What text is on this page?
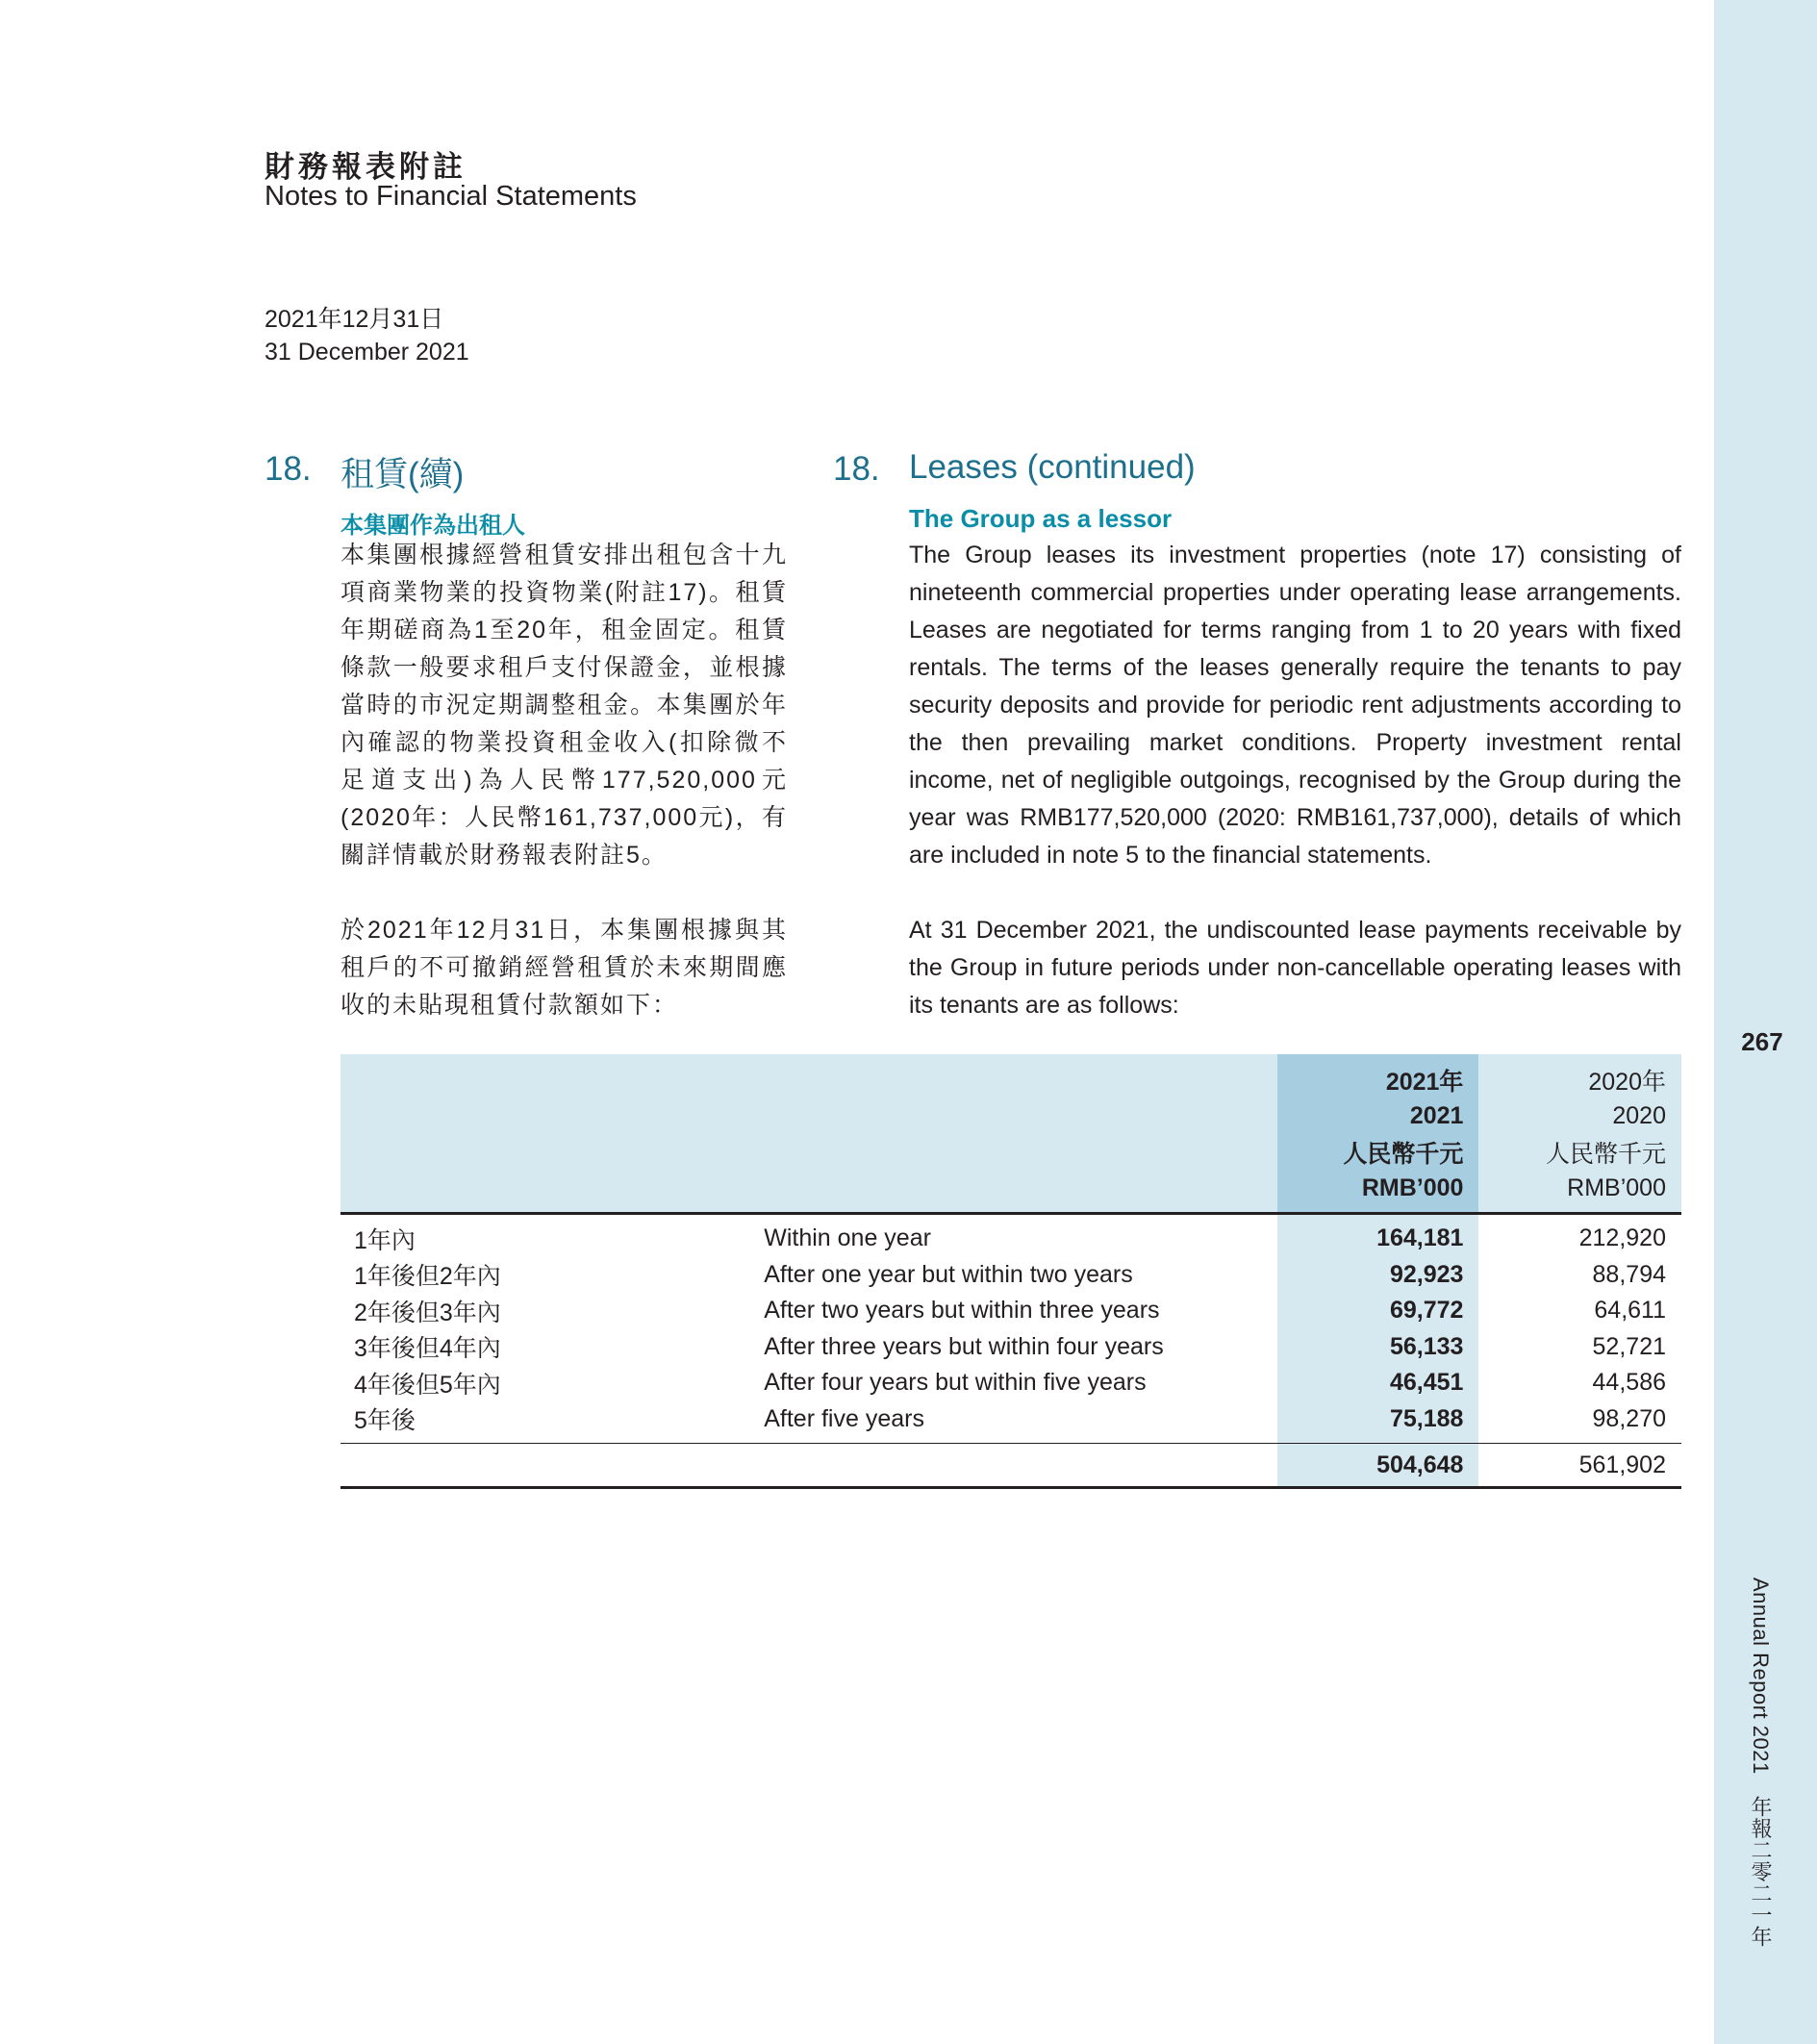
267
Annual Report 2021　年報二零二一年
財務報表附註
Notes to Financial Statements
2021年12月31日
31 December 2021
18. 租賃(續)	18. Leases (continued)
本集團作為出租人	The Group as a lessor
本集團根據經營租賃安排出租包含十九項商業物業的投資物業(附註17)。租賃年期磋商為1至20年，租金固定。租賃條款一般要求租戶支付保證金，並根據當時的市況定期調整租金。本集團於年內確認的物業投資租金收入(扣除微不足道支出)為人民幣177,520,000元(2020年：人民幣161,737,000元)，有關詳情載於財務報表附註5。
The Group leases its investment properties (note 17) consisting of nineteenth commercial properties under operating lease arrangements. Leases are negotiated for terms ranging from 1 to 20 years with fixed rentals. The terms of the leases generally require the tenants to pay security deposits and provide for periodic rent adjustments according to the then prevailing market conditions. Property investment rental income, net of negligible outgoings, recognised by the Group during the year was RMB177,520,000 (2020: RMB161,737,000), details of which are included in note 5 to the financial statements.
於2021年12月31日，本集團根據與其租戶的不可撤銷經營租賃於未來期間應收的未貼現租賃付款額如下：
At 31 December 2021, the undiscounted lease payments receivable by the Group in future periods under non-cancellable operating leases with its tenants are as follows:
		2021年	2020年
		2021	2020
		人民幣千元	人民幣千元
		RMB’000	RMB’000
1年內	Within one year	164,181	212,920
1年後但2年內	After one year but within two years	92,923	88,794
2年後但3年內	After two years but within three years	69,772	64,611
3年後但4年內	After three years but within four years	56,133	52,721
4年後但5年內	After four years but within five years	46,451	44,586
5年後	After five years	75,188	98,270
		504,648	561,902
